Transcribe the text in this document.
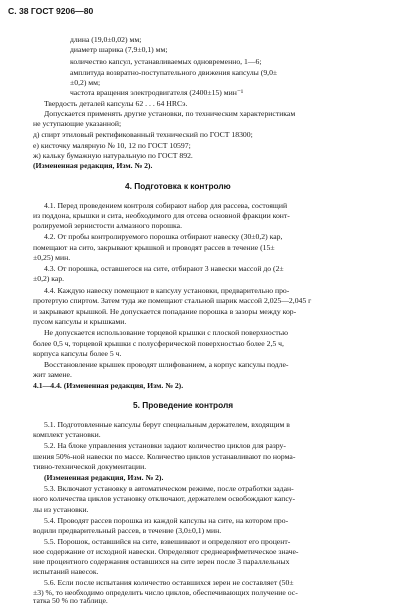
С. 38 ГОСТ 9206—80
длина (19,0±0,02) мм;
диаметр шарика (7,9±0,1) мм;
количество капсул, устанавливаемых одновременно, 1—6;
амплитуда возвратно-поступательного движения капсулы (9,0±
±0,2) мм;
частота вращения электродвигателя (2400±15) мин⁻¹
Твердость деталей капсулы 62 . . . 64 HRCэ.
Допускается применять другие установки, по техническим характеристикам
не уступающие указанной;
д) спирт этиловый ректификованный технический по ГОСТ 18300;
е) кисточку малярную № 10, 12 по ГОСТ 10597;
ж) кальку бумажную натуральную по ГОСТ 892.
(Измененная редакция, Изм. № 2).
4. Подготовка к контролю
4.1. Перед проведением контроля собирают набор для рассева, состоящий
из поддона, крышки и сита, необходимого для отсева основной фракции конт-
ролируемой зернистости алмазного порошка.
4.2. От пробы контролируемого порошка отбирают навеску (30±0,2) кар,
помещают на сито, закрывают крышкой и проводят рассев в течение (15±
±0,25) мин.
4.3. От порошка, оставшегося на сите, отбирают 3 навески массой до (2±
±0,2) кар.
4.4. Каждую навеску помещают в капсулу установки, предварительно про-
протертую спиртом. Затем туда же помещают стальной шарик массой 2,025—2,045 г
и закрывают крышкой. Не допускается попадание порошка в зазоры между кор-
пусом капсулы и крышками.
Не допускается использование торцевой крышки с плоской поверхностью
более 0,5 ч, торцевой крышки с полусферической поверхностью более 2,5 ч,
корпуса капсулы более 5 ч.
Восстановление крышек проводят шлифованием, а корпус капсулы подле-
жит замене.
4.1—4.4. (Измененная редакция, Изм. № 2).
5. Проведение контроля
5.1. Подготовленные капсулы берут специальным держателем, входящим в
комплект установки.
5.2. На блоке управления установки задают количество циклов для разру-
шения 50%-ной навески по массе. Количество циклов устанавливают по норма-
тивно-технической документации.
(Измененная редакция, Изм. № 2).
5.3. Включают установку в автоматическом режиме, после отработки задан-
ного количества циклов установку отключают, держателем освобождают капсу-
лы из установки.
5.4. Проводят рассев порошка из каждой капсулы на сите, на котором про-
водили предварительный рассев, в течение (3,0±0,1) мин.
5.5. Порошок, оставшийся на сите, взвешивают и определяют его процент-
ное содержание от исходной навески. Определяют среднеарифметическое значе-
ние процентного содержания оставшихся на сите зерен после 3 параллельных
испытаний навесок.
5.6. Если после испытания количество оставшихся зерен не составляет (50±
±3) %, то необходимо определить число циклов, обеспечивающих получение ос-
татка 50 % по таблице.
